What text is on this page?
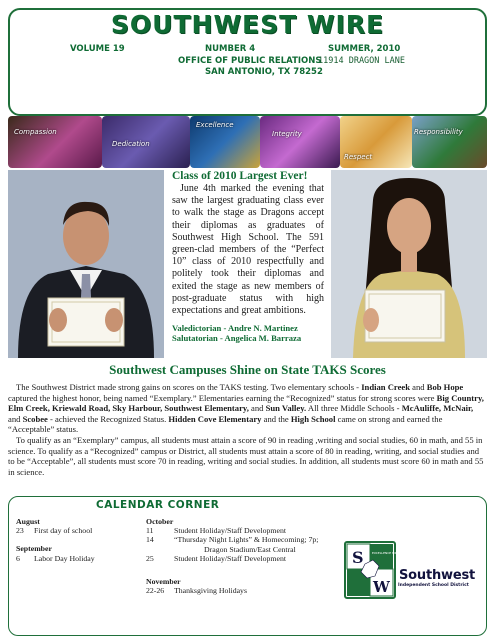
SOUTHWEST WIRE
VOLUME 19	NUMBER 4	SUMMER, 2010
OFFICE OF PUBLIC RELATIONS
11914 DRAGON LANE
SAN ANTONIO, TX 78252
Compassion
Dedication
Excellence
Integrity
Respect
Responsibility
Class of 2010 Largest Ever!

June 4th marked the evening that saw the largest graduating class ever to walk the stage as Dragons accept their diplomas as graduates of Southwest High School. The 591 green-clad members of the “Perfect 10” class of 2010 respectfully and politely took their diplomas and exited the stage as new members of post-graduate status with high expectations and great ambitions.

Valedictorian - Andre N. Martinez
Salutatorian - Angelica M. Barraza
Southwest Campuses Shine on State TAKS Scores

The Southwest District made strong gains on scores on the TAKS testing. Two elementary schools - Indian Creek and Bob Hope captured the highest honor, being named “Exemplary.” Elementaries earning the “Recognized” status for strong scores were Big Country, Elm Creek, Kriewald Road, Sky Harbour, Southwest Elementary, and Sun Valley. All three Middle Schools - McAuliffe, McNair, and Scobee - achieved the Recognized Status. Hidden Cove Elementary and the High School came on strong and earned the “Acceptable” status.

To qualify as an “Exemplary” campus, all students must attain a score of 90 in reading ,writing and social studies, 60 in math, and 55 in science. To qualify as a “Recognized” campus or District, all students must attain a score of 80 in reading, writing, and social studies and to be “Acceptable”, all students must score 70 in reading, writing and social studies. In addition, all students must score 60 in math and 55 in science.

CALENDAR CORNER
August
23	First day of school
September
6	Labor Day Holiday
October
11	Student Holiday/Staff Development
14	“Thursday Night Lights” & Homecoming; 7p;
Dragon Stadium/East Central
25	Student Holiday/Staff Development
November
22-26	Thanksgiving Holidays
S
W
EXCELLENCE FIRST
Southwest
Independent School District
